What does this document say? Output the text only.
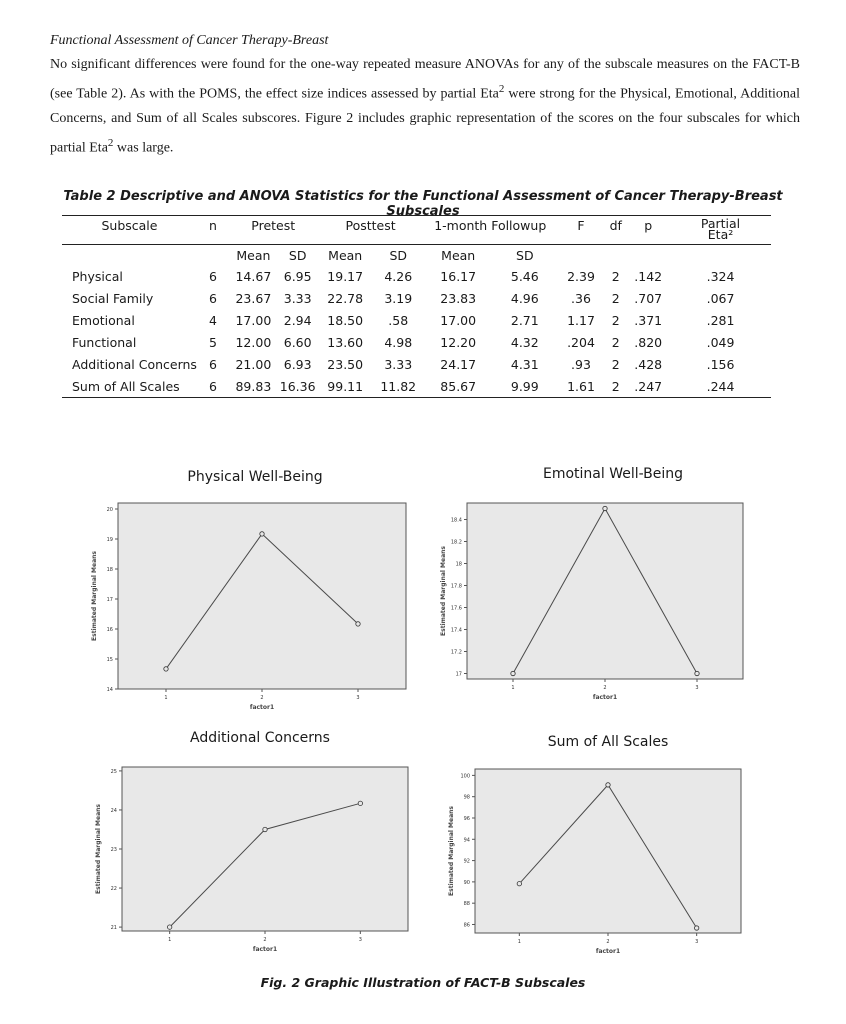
Functional Assessment of Cancer Therapy-Breast
No significant differences were found for the one-way repeated measure ANOVAs for any of the subscale measures on the FACT-B (see Table 2). As with the POMS, the effect size indices assessed by partial Eta$^2$ were strong for the Physical, Emotional, Additional Concerns, and Sum of all Scales subscores. Figure 2 includes graphic representation of the scores on the four subscales for which partial Eta$^2$ was large.
Table 2 Descriptive and ANOVA Statistics for the Functional Assessment of Cancer Therapy-Breast Subscales
Subscale	n	Pretest		Posttest		1-month Followup		F	df	p	Partial
Eta²

		Mean	SD	Mean	SD	Mean	SD				
Physical	6	14.67	6.95	19.17	4.26	16.17	5.46	2.39	2	.142	.324
Social Family	6	23.67	3.33	22.78	3.19	23.83	4.96	.36	2	.707	.067
Emotional	4	17.00	2.94	18.50	.58	17.00	2.71	1.17	2	.371	.281
Functional	5	12.00	6.60	13.60	4.98	12.20	4.32	.204	2	.820	.049
Additional Concerns	6	21.00	6.93	23.50	3.33	24.17	4.31	.93	2	.428	.156
Sum of All Scales	6	89.83	16.36	99.11	11.82	85.67	9.99	1.61	2	.247	.244
Physical Well-Being	Emotinal Well-Being
Additional Concerns	Sum of All Scales
14
15
16
17
18
19
20
1	2	3
factor1
Estimated Marginal Means
17
17.2
17.4
17.6
17.8
18
18.2
18.4
1	2	3
factor1
Estimated Marginal Means
21
22
23
24
25
1	2	3
factor1
Estimated Marginal Means
86
88
90
92
94
96
98
100
1	2	3
factor1
Estimated Marginal Means
Fig. 2 Graphic Illustration of FACT-B Subscales
